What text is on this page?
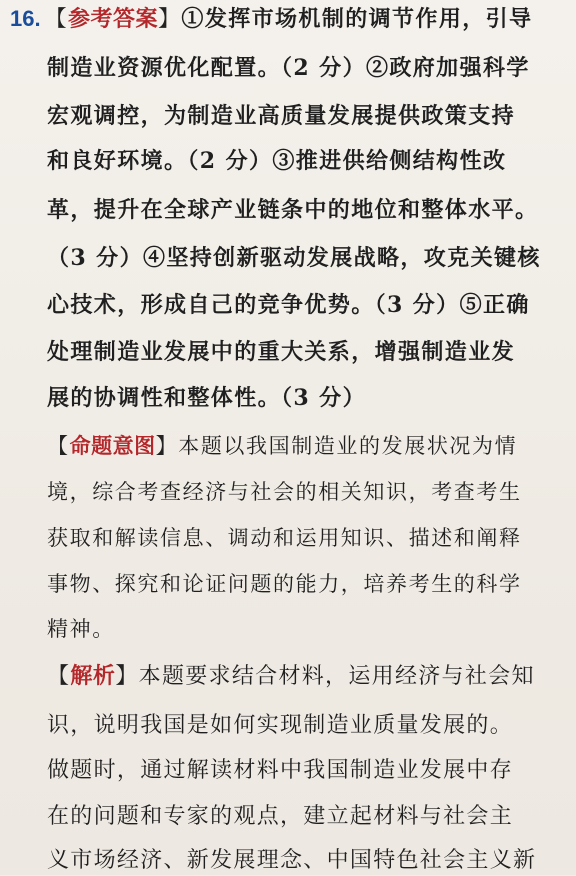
16. 【参考答案】①发挥市场机制的调节作用，引导
制造业资源优化配置。（2 分）②政府加强科学
宏观调控，为制造业高质量发展提供政策支持
和良好环境。（2 分）③推进供给侧结构性改
革，提升在全球产业链条中的地位和整体水平。
（3 分）④坚持创新驱动发展战略，攻克关键核
心技术，形成自己的竞争优势。（3 分）⑤正确
处理制造业发展中的重大关系，增强制造业发
展的协调性和整体性。（3 分）
【命题意图】本题以我国制造业的发展状况为情
境，综合考查经济与社会的相关知识，考查考生
获取和解读信息、调动和运用知识、描述和阐释
事物、探究和论证问题的能力，培养考生的科学
精神。
【解析】本题要求结合材料，运用经济与社会知
识，说明我国是如何实现制造业质量发展的。
做题时，通过解读材料中我国制造业发展中存
在的问题和专家的观点，建立起材料与社会主
义市场经济、新发展理念、中国特色社会主义新
